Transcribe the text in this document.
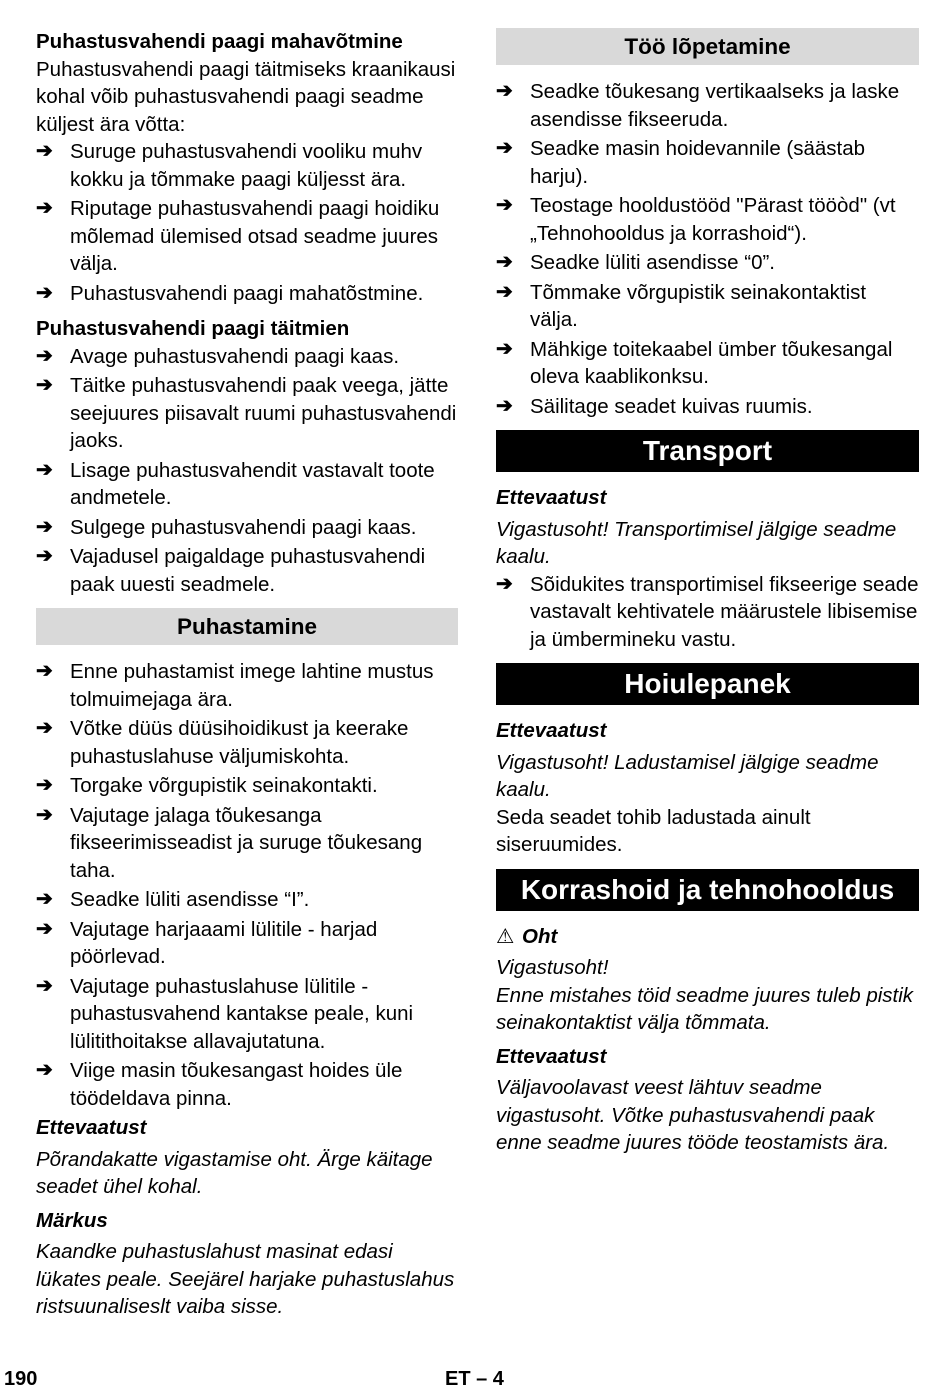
Puhastusvahendi paagi mahavõtmine

Puhastusvahendi paagi täitmiseks kraanikausi kohal võib puhastusvahendi paagi seadme küljest ära võtta:

➔ Suruge puhastusvahendi vooliku muhv kokku ja tõmmake paagi küljesst ära.
➔ Riputage puhastusvahendi paagi hoidiku mõlemad ülemised otsad seadme juures välja.
➔ Puhastusvahendi paagi mahatõstmine.

Puhastusvahendi paagi täitmien

➔ Avage puhastusvahendi paagi kaas.
➔ Täitke puhastusvahendi paak veega, jätte seejuures piisavalt ruumi puhastusvahendi jaoks.
➔ Lisage puhastusvahendit vastavalt toote andmetele.
➔ Sulgege puhastusvahendi paagi kaas.
➔ Vajadusel paigaldage puhastusvahendi paak uuesti seadmele.
Puhastamine
➔ Enne puhastamist imege lahtine mustus tolmuimejaga ära.
➔ Võtke düüs düüsihoidikust ja keerake puhastuslahuse väljumiskohta.
➔ Torgake võrgupistik seinakontakti.
➔ Vajutage jalaga tõukesanga fikseerimisseadist ja suruge tõukesang taha.
➔ Seadke lüliti asendisse “I”.
➔ Vajutage harjaaami lülitile - harjad pöörlevad.
➔ Vajutage puhastuslahuse lülitile - puhastusvahend kantakse peale, kuni lülitithoitakse allavajutatuna.
➔ Viige masin tõukesangast hoides üle töödeldava pinna.

Ettevaatust

Põrandakatte vigastamise oht. Ärge käitage seadet ühel kohal.

Märkus

Kaandke puhastuslahust masinat edasi lükates peale. Seejärel harjake puhastuslahus ristsuunaliseslt vaiba sisse.

Töö lõpetamine
➔ Seadke tõukesang vertikaalseks ja laske asendisse fikseeruda.
➔ Seadke masin hoidevannile (säästab harju).
➔ Teostage hooldustööd "Pärast tööòd" (vt „Tehnohooldus ja korrashoid“).
➔ Seadke lüliti asendisse “0”.
➔ Tõmmake võrgupistik seinakontaktist välja.
➔ Mähkige toitekaabel ümber tõukesangal oleva kaablikonksu.
➔ Säilitage seadet kuivas ruumis.
Transport

Ettevaatust

Vigastusoht! Transportimisel jälgige seadme kaalu.

➔ Sõidukites transportimisel fikseerige seade vastavalt kehtivatele määrustele libisemise ja ümbermineku vastu.
Hoiulepanek

Ettevaatust

Vigastusoht! Ladustamisel jälgige seadme kaalu.

Seda seadet tohib ladustada ainult siseruumides.

Korrashoid ja tehnohooldus

⚠ Oht

Vigastusoht!
Enne mistahes töid seadme juures tuleb pistik seinakontaktist välja tõmmata.

Ettevaatust

Väljavoolavast veest lähtuv seadme vigastusoht. Võtke puhastusvahendi paak enne seadme juures tööde teostamists ära.

190	ET – 4
